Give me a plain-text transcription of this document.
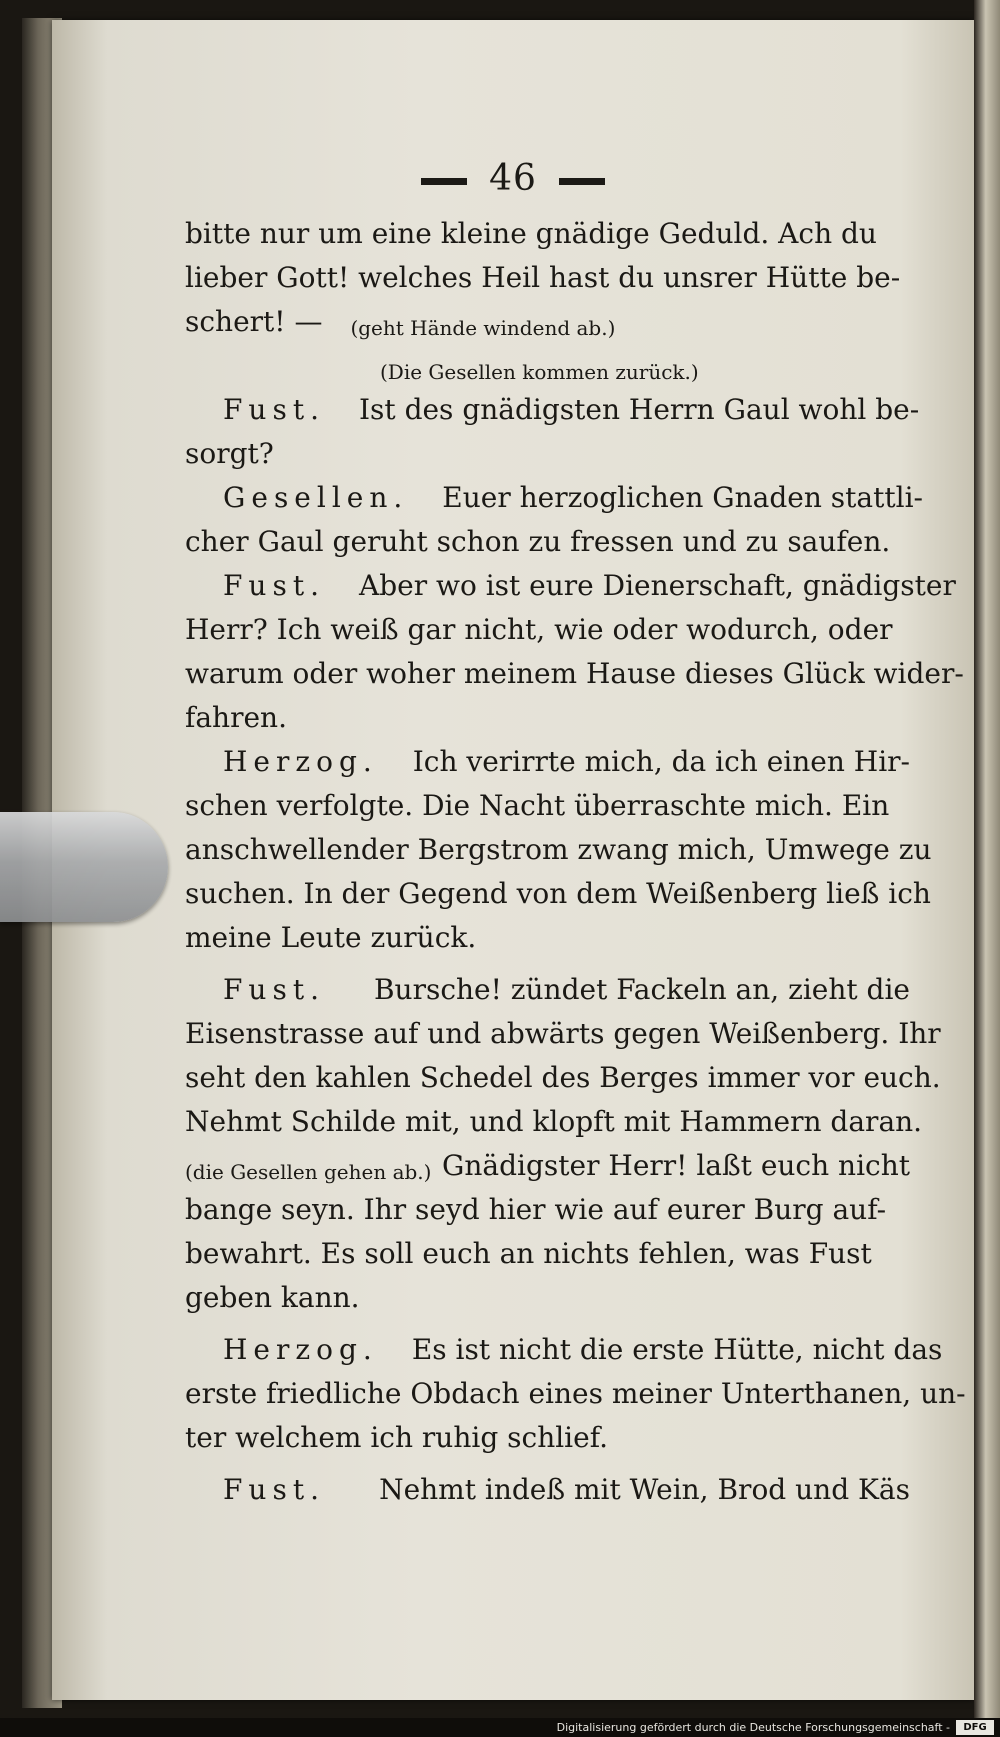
46
bitte nur um eine kleine gnädige Geduld. Ach du
lieber Gott! welches Heil hast du unsrer Hütte be-
schert! — (geht Hände windend ab.)
(Die Gesellen kommen zurück.)
Fust. Ist des gnädigsten Herrn Gaul wohl be-
sorgt?
Gesellen. Euer herzoglichen Gnaden stattli-
cher Gaul geruht schon zu fressen und zu saufen.
Fust. Aber wo ist eure Dienerschaft, gnädigster
Herr? Ich weiß gar nicht, wie oder wodurch, oder
warum oder woher meinem Hause dieses Glück wider-
fahren.
Herzog. Ich verirrte mich, da ich einen Hir-
schen verfolgte. Die Nacht überraschte mich. Ein
anschwellender Bergstrom zwang mich, Umwege zu
suchen. In der Gegend von dem Weißenberg ließ ich
meine Leute zurück.
Fust. Bursche! zündet Fackeln an, zieht die
Eisenstrasse auf und abwärts gegen Weißenberg. Ihr
seht den kahlen Schedel des Berges immer vor euch.
Nehmt Schilde mit, und klopft mit Hammern daran.
(die Gesellen gehen ab.) Gnädigster Herr! laßt euch nicht
bange seyn. Ihr seyd hier wie auf eurer Burg auf-
bewahrt. Es soll euch an nichts fehlen, was Fust
geben kann.
Herzog. Es ist nicht die erste Hütte, nicht das
erste friedliche Obdach eines meiner Unterthanen, un-
ter welchem ich ruhig schlief.
Fust. Nehmt indeß mit Wein, Brod und Käs
Digitalisierung gefördert durch die Deutsche Forschungsgemeinschaft -	DFG
